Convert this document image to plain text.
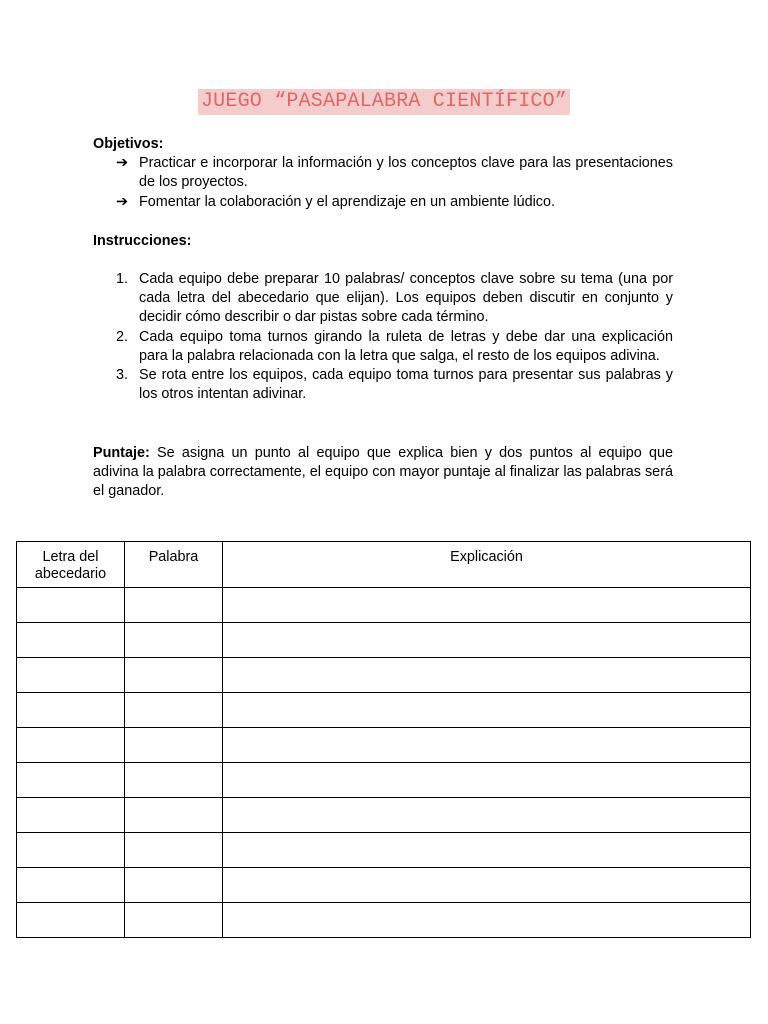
JUEGO “PASAPALABRA CIENTÍFICO”
Objetivos:
➔ Practicar e incorporar la información y los conceptos clave para las presentaciones de los proyectos.
➔ Fomentar la colaboración y el aprendizaje en un ambiente lúdico.
Instrucciones:
1. Cada equipo debe preparar 10 palabras/ conceptos clave sobre su tema (una por cada letra del abecedario que elijan). Los equipos deben discutir en conjunto y decidir cómo describir o dar pistas sobre cada término.
2. Cada equipo toma turnos girando la ruleta de letras y debe dar una explicación para la palabra relacionada con la letra que salga, el resto de los equipos adivina.
3. Se rota entre los equipos, cada equipo toma turnos para presentar sus palabras y los otros intentan adivinar.
Puntaje: Se asigna un punto al equipo que explica bien y dos puntos al equipo que adivina la palabra correctamente, el equipo con mayor puntaje al finalizar las palabras será el ganador.
Letra del abecedario	Palabra	Explicación
